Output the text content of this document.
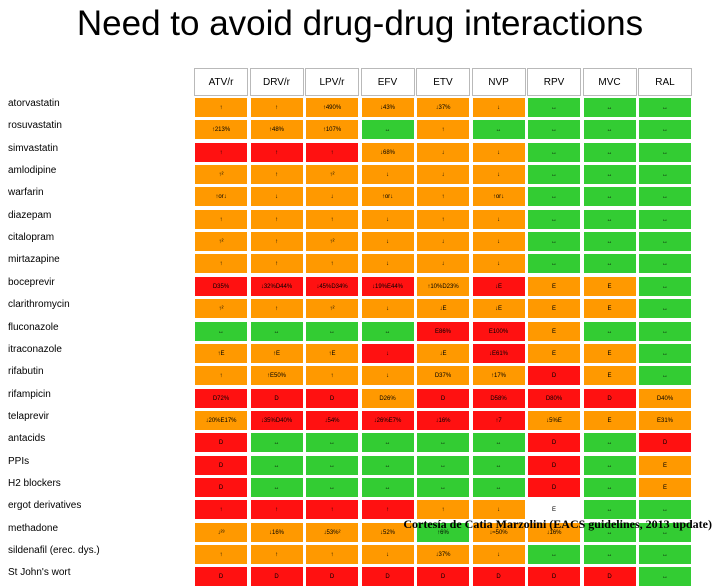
Need to avoid drug-drug interactions
ATV/r	DRV/r	LPV/r	EFV	ETV	NVP	RPV	MVC	RAL
atorvastatin	↑	↑	↑490%	↓43%	↓37%	↓	↔	↔	↔
rosuvastatin	↑213%	↑48%	↑107%	↔	↑	↔	↔	↔	↔
simvastatin	↑	↑	↑	↓68%	↓	↓	↔	↔	↔
amlodipine	↑²	↑	↑²	↓	↓	↓	↔	↔	↔
warfarin	↑or↓	↓	↓	↑or↓	↑	↑or↓	↔	↔	↔
diazepam	↑	↑	↑	↓	↑	↓	↔	↔	↔
citalopram	↑²	↑	↑²	↓	↓	↓	↔	↔	↔
mirtazapine	↑	↑	↑	↓	↓	↓	↔	↔	↔
boceprevir	D35%	↓32%D44%	↓45%D34%	↓19%E44%	↑10%D23%	↓E	E	E	↔
clarithromycin	↑²	↑	↑²	↓	↓E	↓E	E	E	↔
fluconazole	↔	↔	↔	↔	E86%	E100%	E	↔	↔
itraconazole	↑E	↑E	↑E	↓	↓E	↓E61%	E	E	↔
rifabutin	↑	↑E50%	↑	↓	D37%	↑17%	D	E	↔
rifampicin	D72%	D	D	D26%	D	D58%	D80%	D	D40%
telaprevir	↓20%E17%	↓35%D40%	↓54%	↓26%E7%	↓16%	↑7	↓5%E	E	E31%
antacids	D	↔	↔	↔	↔	↔	D	↔	D
PPIs	D	↔	↔	↔	↔	↔	D	↔	E
H2 blockers	D	↔	↔	↔	↔	↔	D	↔	E
ergot derivatives	↑	↑	↑	↑	↑	↓	E	↔	↔
methadone	↓²³	↓16%	↓53%²	↓52%	↑6%	↓≈50%	↓16%	↔	↔
sildenafil (erec. dys.)	↑	↑	↑	↓	↓37%	↓	↔	↔	↔
St John's wort	D	D	D	D	D	D	D	D	↔
Cortesía de Catia Marzolini (EACS guidelines, 2013 update)
